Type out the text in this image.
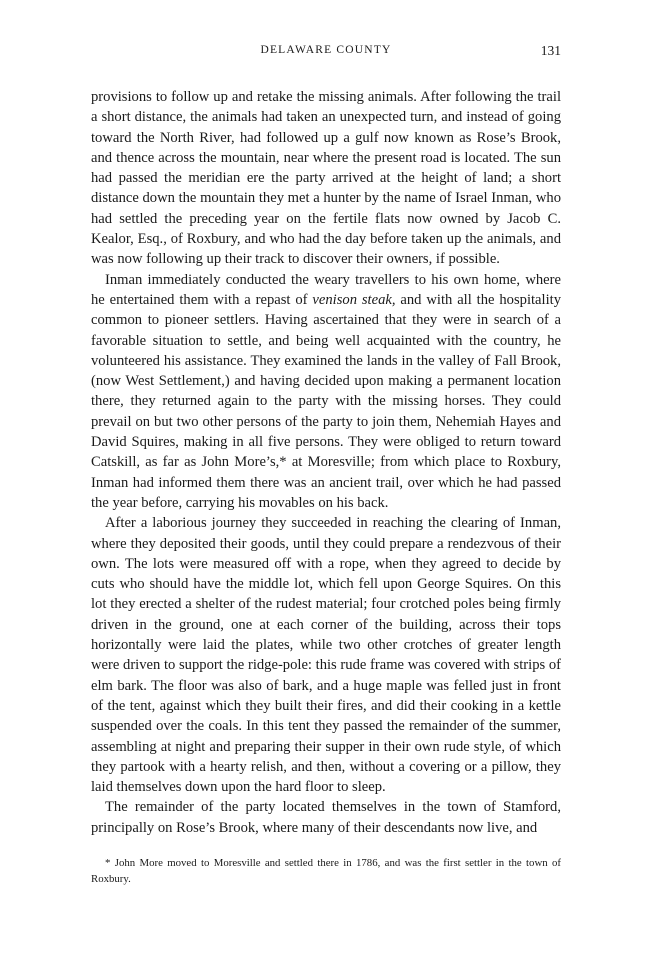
DELAWARE COUNTY	131

provisions to follow up and retake the missing animals. After following the trail a short distance, the animals had taken an unexpected turn, and instead of going toward the North River, had followed up a gulf now known as Rose’s Brook, and thence across the mountain, near where the present road is located. The sun had passed the meridian ere the party arrived at the height of land; a short distance down the mountain they met a hunter by the name of Israel Inman, who had settled the preceding year on the fertile flats now owned by Jacob C. Kealor, Esq., of Roxbury, and who had the day before taken up the animals, and was now following up their track to discover their owners, if possible.

Inman immediately conducted the weary travellers to his own home, where he entertained them with a repast of venison steak, and with all the hospitality common to pioneer settlers. Having ascertained that they were in search of a favorable situation to settle, and being well acquainted with the country, he volunteered his assistance. They examined the lands in the valley of Fall Brook, (now West Settlement,) and having decided upon making a permanent location there, they returned again to the party with the missing horses. They could prevail on but two other persons of the party to join them, Nehemiah Hayes and David Squires, making in all five persons. They were obliged to return toward Catskill, as far as John More’s,* at Moresville; from which place to Roxbury, Inman had informed them there was an ancient trail, over which he had passed the year before, carrying his movables on his back.

After a laborious journey they succeeded in reaching the clearing of Inman, where they deposited their goods, until they could prepare a rendezvous of their own. The lots were measured off with a rope, when they agreed to decide by cuts who should have the middle lot, which fell upon George Squires. On this lot they erected a shelter of the rudest material; four crotched poles being firmly driven in the ground, one at each corner of the building, across their tops horizontally were laid the plates, while two other crotches of greater length were driven to support the ridge-pole: this rude frame was covered with strips of elm bark. The floor was also of bark, and a huge maple was felled just in front of the tent, against which they built their fires, and did their cooking in a kettle suspended over the coals. In this tent they passed the remainder of the summer, assembling at night and preparing their supper in their own rude style, of which they partook with a hearty relish, and then, without a covering or a pillow, they laid themselves down upon the hard floor to sleep.

The remainder of the party located themselves in the town of Stamford, principally on Rose’s Brook, where many of their descendants now live, and

* John More moved to Moresville and settled there in 1786, and was the first settler in the town of Roxbury.
